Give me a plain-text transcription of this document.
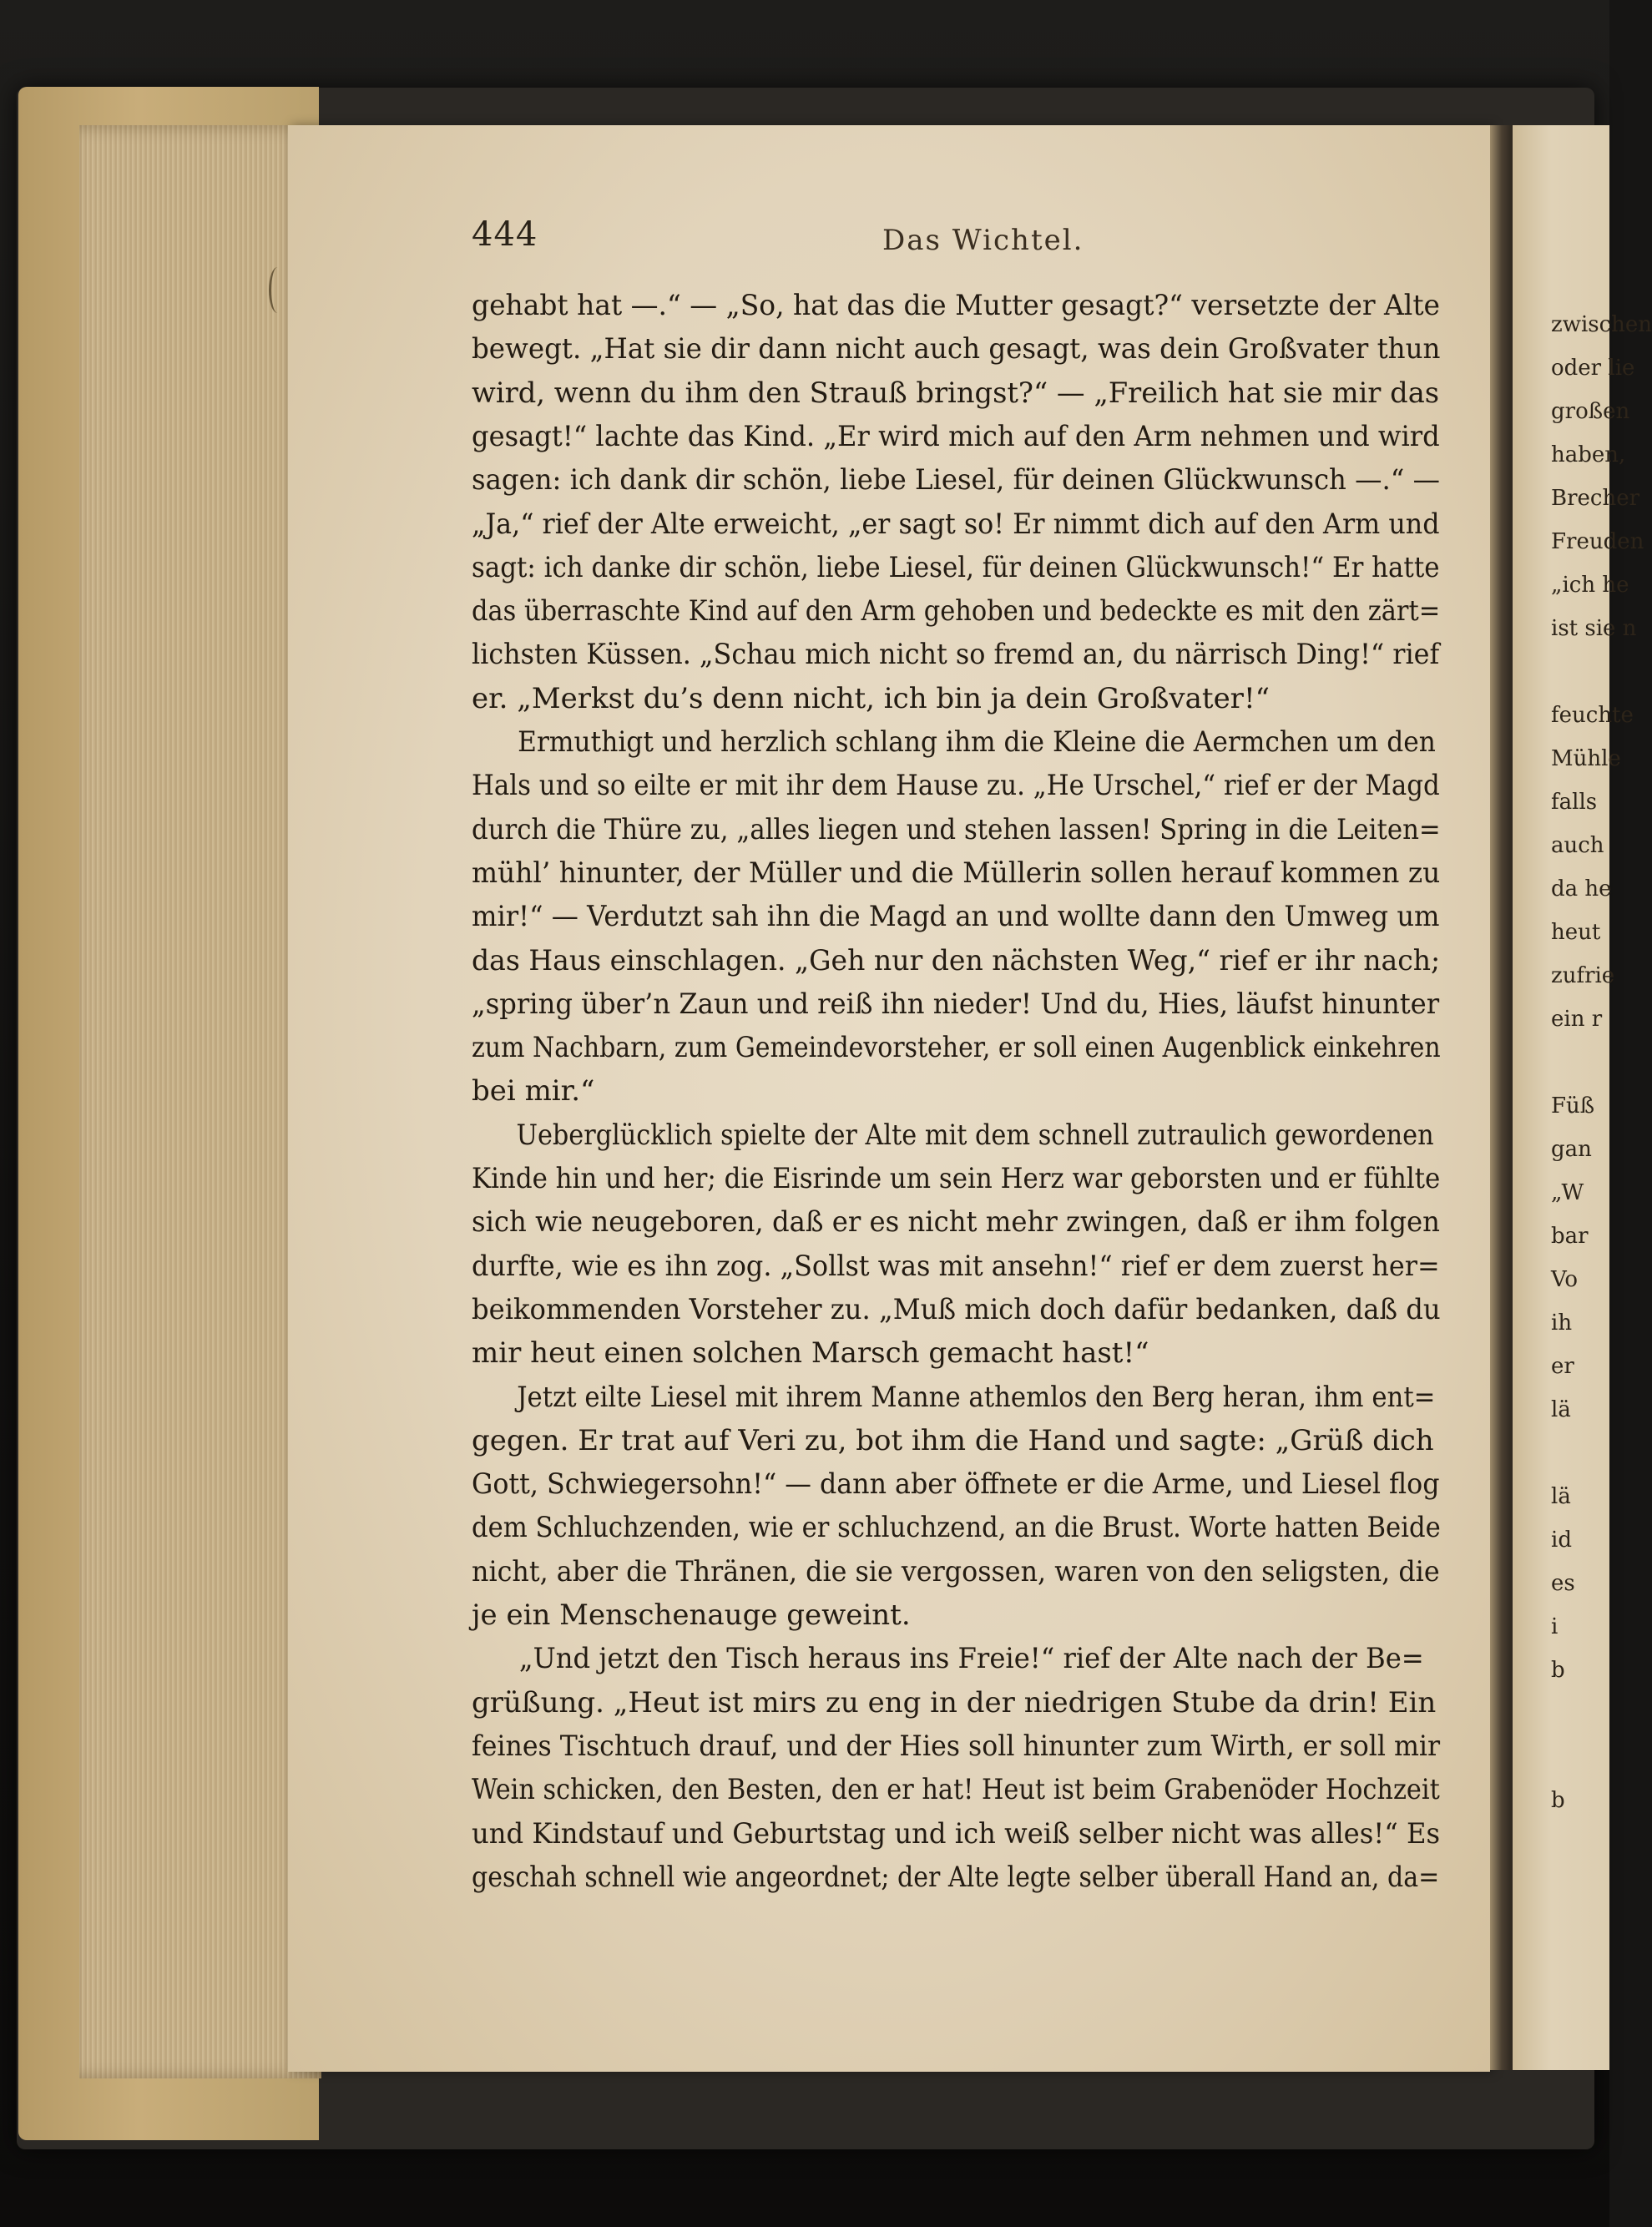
444	Das Wichtel.
gehabt hat —.“ — „So, hat das die Mutter gesagt?“ versetzte der Alte
bewegt. „Hat sie dir dann nicht auch gesagt, was dein Großvater thun
wird, wenn du ihm den Strauß bringst?“ — „Freilich hat sie mir das
gesagt!“ lachte das Kind. „Er wird mich auf den Arm nehmen und wird
sagen: ich dank dir schön, liebe Liesel, für deinen Glückwunsch —.“ —
„Ja,“ rief der Alte erweicht, „er sagt so! Er nimmt dich auf den Arm und
sagt: ich danke dir schön, liebe Liesel, für deinen Glückwunsch!“ Er hatte
das überraschte Kind auf den Arm gehoben und bedeckte es mit den zärt=
lichsten Küssen. „Schau mich nicht so fremd an, du närrisch Ding!“ rief
er. „Merkst du’s denn nicht, ich bin ja dein Großvater!“
Ermuthigt und herzlich schlang ihm die Kleine die Aermchen um den
Hals und so eilte er mit ihr dem Hause zu. „He Urschel,“ rief er der Magd
durch die Thüre zu, „alles liegen und stehen lassen! Spring in die Leiten=
mühl’ hinunter, der Müller und die Müllerin sollen herauf kommen zu
mir!“ — Verdutzt sah ihn die Magd an und wollte dann den Umweg um
das Haus einschlagen. „Geh nur den nächsten Weg,“ rief er ihr nach;
„spring über’n Zaun und reiß ihn nieder! Und du, Hies, läufst hinunter
zum Nachbarn, zum Gemeindevorsteher, er soll einen Augenblick einkehren
bei mir.“
Ueberglücklich spielte der Alte mit dem schnell zutraulich gewordenen
Kinde hin und her; die Eisrinde um sein Herz war geborsten und er fühlte
sich wie neugeboren, daß er es nicht mehr zwingen, daß er ihm folgen
durfte, wie es ihn zog. „Sollst was mit ansehn!“ rief er dem zuerst her=
beikommenden Vorsteher zu. „Muß mich doch dafür bedanken, daß du
mir heut einen solchen Marsch gemacht hast!“
Jetzt eilte Liesel mit ihrem Manne athemlos den Berg heran, ihm ent=
gegen. Er trat auf Veri zu, bot ihm die Hand und sagte: „Grüß dich
Gott, Schwiegersohn!“ — dann aber öffnete er die Arme, und Liesel flog
dem Schluchzenden, wie er schluchzend, an die Brust. Worte hatten Beide
nicht, aber die Thränen, die sie vergossen, waren von den seligsten, die
je ein Menschenauge geweint.
„Und jetzt den Tisch heraus ins Freie!“ rief der Alte nach der Be=
grüßung. „Heut ist mirs zu eng in der niedrigen Stube da drin! Ein
feines Tischtuch drauf, und der Hies soll hinunter zum Wirth, er soll mir
Wein schicken, den Besten, den er hat! Heut ist beim Grabenöder Hochzeit
und Kindstauf und Geburtstag und ich weiß selber nicht was alles!“ Es
geschah schnell wie angeordnet; der Alte legte selber überall Hand an, da=
zwischen
oder lie
großen
haben,
Brecher
Freuden
„ich he
ist sie n
feuchte
Mühle
falls
auch
da he
heut
zufrie
ein r
Füß
gan
„W
bar
Vo
ih
er
lä
lä
id
es
i
b
b
